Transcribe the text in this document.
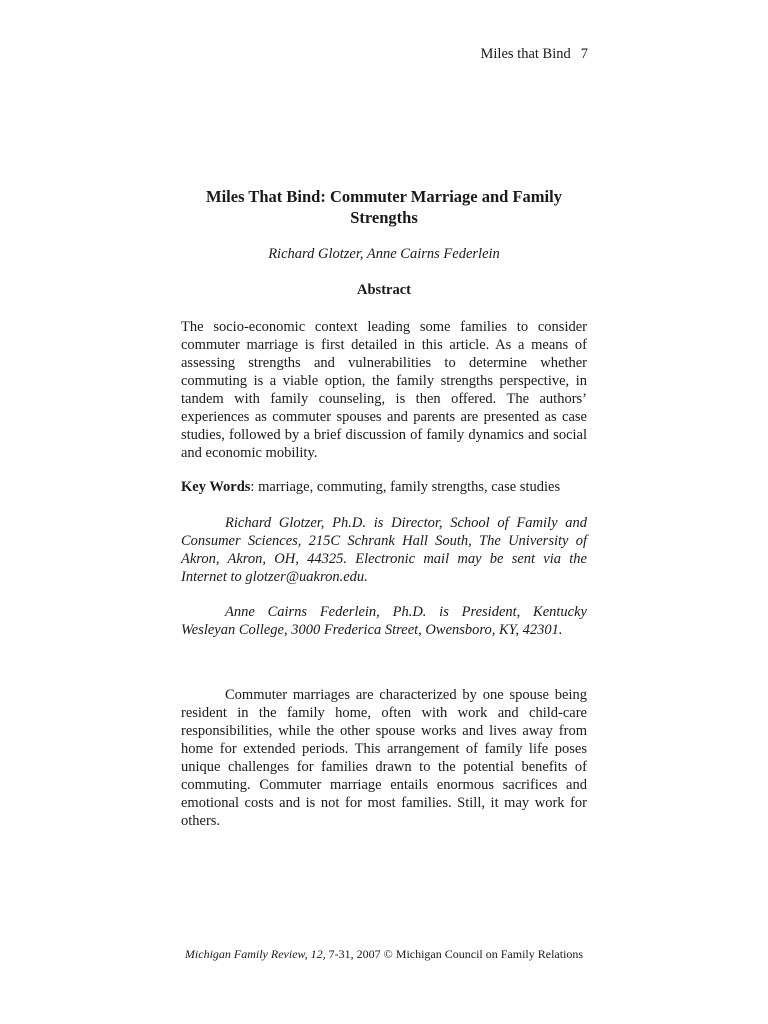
Miles that Bind 7
Miles That Bind: Commuter Marriage and Family Strengths
Richard Glotzer, Anne Cairns Federlein
Abstract

The socio-economic context leading some families to consider commuter marriage is first detailed in this article. As a means of assessing strengths and vulnerabilities to determine whether commuting is a viable option, the family strengths perspective, in tandem with family counseling, is then offered. The authors’ experiences as commuter spouses and parents are presented as case studies, followed by a brief discussion of family dynamics and social and economic mobility.

Key Words: marriage, commuting, family strengths, case studies

Richard Glotzer, Ph.D. is Director, School of Family and Consumer Sciences, 215C Schrank Hall South, The University of Akron, Akron, OH, 44325. Electronic mail may be sent via the Internet to glotzer@uakron.edu.

Anne Cairns Federlein, Ph.D. is President, Kentucky Wesleyan College, 3000 Frederica Street, Owensboro, KY, 42301.

Commuter marriages are characterized by one spouse being resident in the family home, often with work and child-care responsibilities, while the other spouse works and lives away from home for extended periods. This arrangement of family life poses unique challenges for families drawn to the potential benefits of commuting. Commuter marriage entails enormous sacrifices and emotional costs and is not for most families. Still, it may work for others.

Michigan Family Review, 12, 7-31, 2007 © Michigan Council on Family Relations
